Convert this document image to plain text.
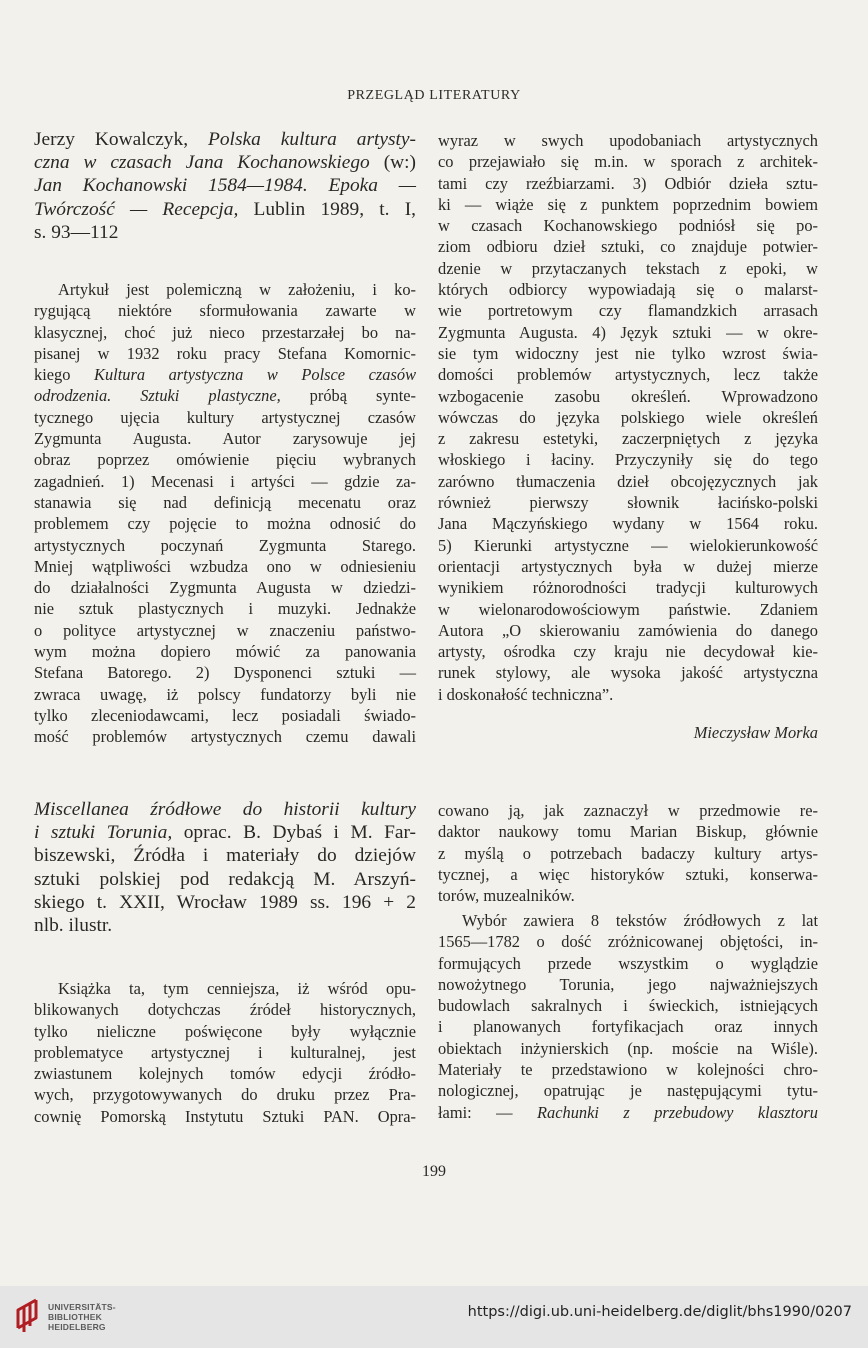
PRZEGLĄD LITERATURY
Jerzy Kowalczyk, Polska kultura artysty-
czna w czasach Jana Kochanowskiego (w:)
Jan Kochanowski 1584—1984. Epoka —
Twórczość — Recepcja, Lublin 1989, t. I,
s. 93—112
Artykuł jest polemiczną w założeniu, i ko-
rygującą niektóre sformułowania zawarte w
klasycznej, choć już nieco przestarzałej bo na-
pisanej w 1932 roku pracy Stefana Komornic-
kiego Kultura artystyczna w Polsce czasów
odrodzenia. Sztuki plastyczne, próbą synte-
tycznego ujęcia kultury artystycznej czasów
Zygmunta Augusta. Autor zarysowuje jej
obraz poprzez omówienie pięciu wybranych
zagadnień. 1) Mecenasi i artyści — gdzie za-
stanawia się nad definicją mecenatu oraz
problemem czy pojęcie to można odnosić do
artystycznych poczynań Zygmunta Starego.
Mniej wątpliwości wzbudza ono w odniesieniu
do działalności Zygmunta Augusta w dziedzi-
nie sztuk plastycznych i muzyki. Jednakże
o polityce artystycznej w znaczeniu państwo-
wym można dopiero mówić za panowania
Stefana Batorego. 2) Dysponenci sztuki —
zwraca uwagę, iż polscy fundatorzy byli nie
tylko zleceniodawcami, lecz posiadali świado-
mość problemów artystycznych czemu dawali
wyraz w swych upodobaniach artystycznych
co przejawiało się m.in. w sporach z architek-
tami czy rzeźbiarzami. 3) Odbiór dzieła sztu-
ki — wiąże się z punktem poprzednim bowiem
w czasach Kochanowskiego podniósł się po-
ziom odbioru dzieł sztuki, co znajduje potwier-
dzenie w przytaczanych tekstach z epoki, w
których odbiorcy wypowiadają się o malarst-
wie portretowym czy flamandzkich arrasach
Zygmunta Augusta. 4) Język sztuki — w okre-
sie tym widoczny jest nie tylko wzrost świa-
domości problemów artystycznych, lecz także
wzbogacenie zasobu określeń. Wprowadzono
wówczas do języka polskiego wiele określeń
z zakresu estetyki, zaczerpniętych z języka
włoskiego i łaciny. Przyczyniły się do tego
zarówno tłumaczenia dzieł obcojęzycznych jak
również pierwszy słownik łacińsko-polski
Jana Mączyńskiego wydany w 1564 roku.
5) Kierunki artystyczne — wielokierunkowość
orientacji artystycznych była w dużej mierze
wynikiem różnorodności tradycji kulturowych
w wielonarodowościowym państwie. Zdaniem
Autora „O skierowaniu zamówienia do danego
artysty, ośrodka czy kraju nie decydował kie-
runek stylowy, ale wysoka jakość artystyczna
i doskonałość techniczna”.
Mieczysław Morka
Miscellanea źródłowe do historii kultury
i sztuki Torunia, oprac. B. Dybaś i M. Far-
biszewski, Źródła i materiały do dziejów
sztuki polskiej pod redakcją M. Arszyń-
skiego t. XXII, Wrocław 1989 ss. 196 + 2
nlb. ilustr.
Książka ta, tym cenniejsza, iż wśród opu-
blikowanych dotychczas źródeł historycznych,
tylko nieliczne poświęcone były wyłącznie
problematyce artystycznej i kulturalnej, jest
zwiastunem kolejnych tomów edycji źródło-
wych, przygotowywanych do druku przez Pra-
cownię Pomorską Instytutu Sztuki PAN. Opra-
cowano ją, jak zaznaczył w przedmowie re-
daktor naukowy tomu Marian Biskup, głównie
z myślą o potrzebach badaczy kultury artys-
tycznej, a więc historyków sztuki, konserwa-
torów, muzealników.
Wybór zawiera 8 tekstów źródłowych z lat
1565—1782 o dość zróżnicowanej objętości, in-
formujących przede wszystkim o wyglądzie
nowożytnego Torunia, jego najważniejszych
budowlach sakralnych i świeckich, istniejących
i planowanych fortyfikacjach oraz innych
obiektach inżynierskich (np. moście na Wiśle).
Materiały te przedstawiono w kolejności chro-
nologicznej, opatrując je następującymi tytu-
łami: — Rachunki z przebudowy klasztoru
199
UNIVERSITÄTS-
BIBLIOTHEK
HEIDELBERG
https://digi.ub.uni-heidelberg.de/diglit/bhs1990/0207
